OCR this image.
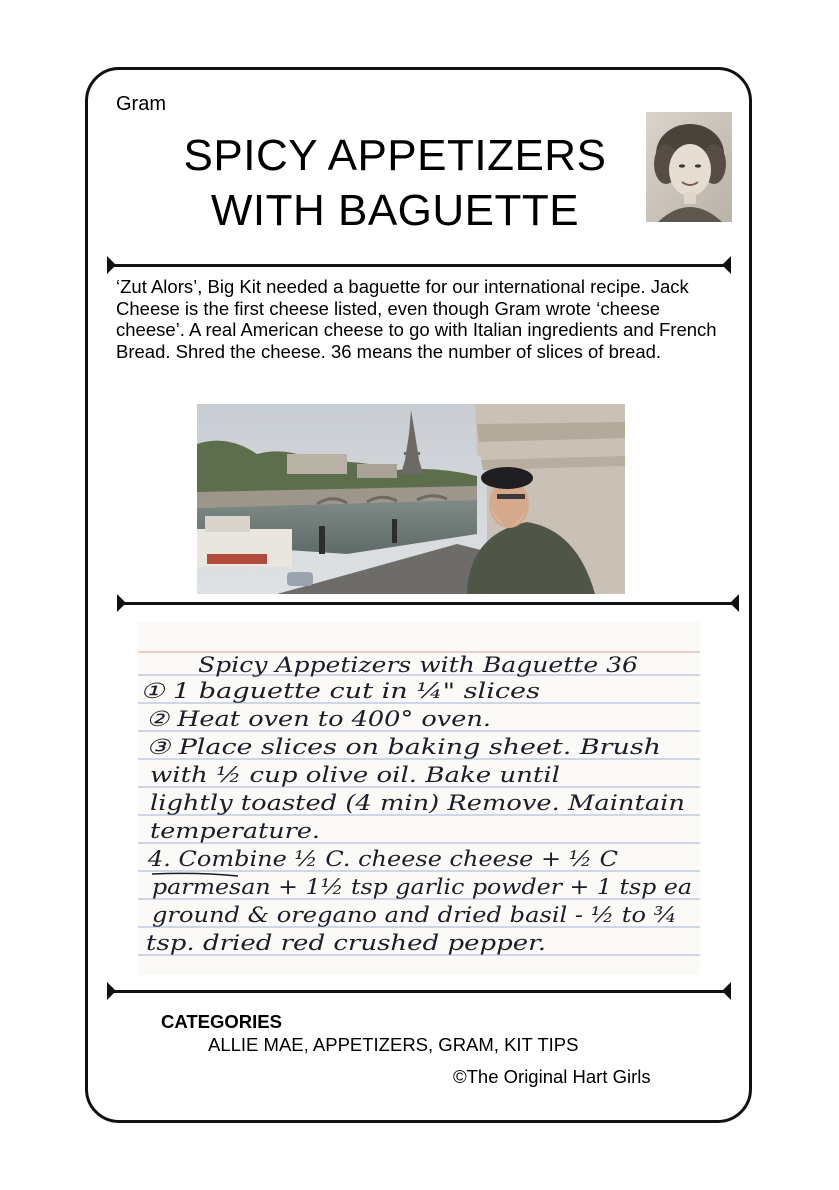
Gram
SPICY APPETIZERS
WITH BAGUETTE
‘Zut Alors’, Big Kit needed a baguette for our international recipe. Jack Cheese is the first cheese listed, even though Gram wrote ‘cheese cheese’. A real American cheese to go with Italian ingredients and French Bread. Shred the cheese. 36 means the number of slices of bread.
Spicy Appetizers with Baguette 36
① 1 baguette cut in ¼" slices
② Heat oven to 400° oven.
③ Place slices on baking sheet. Brush
with ½ cup olive oil. Bake until
lightly toasted (4 min) Remove. Maintain
temperature.
4. Combine ½ C. cheese cheese + ½ C
parmesan + 1½ tsp garlic powder + 1 tsp ea
ground & oregano and dried basil - ½ to ¾
tsp. dried red crushed pepper.
CATEGORIES
ALLIE MAE, APPETIZERS, GRAM, KIT TIPS
©The Original Hart Girls
